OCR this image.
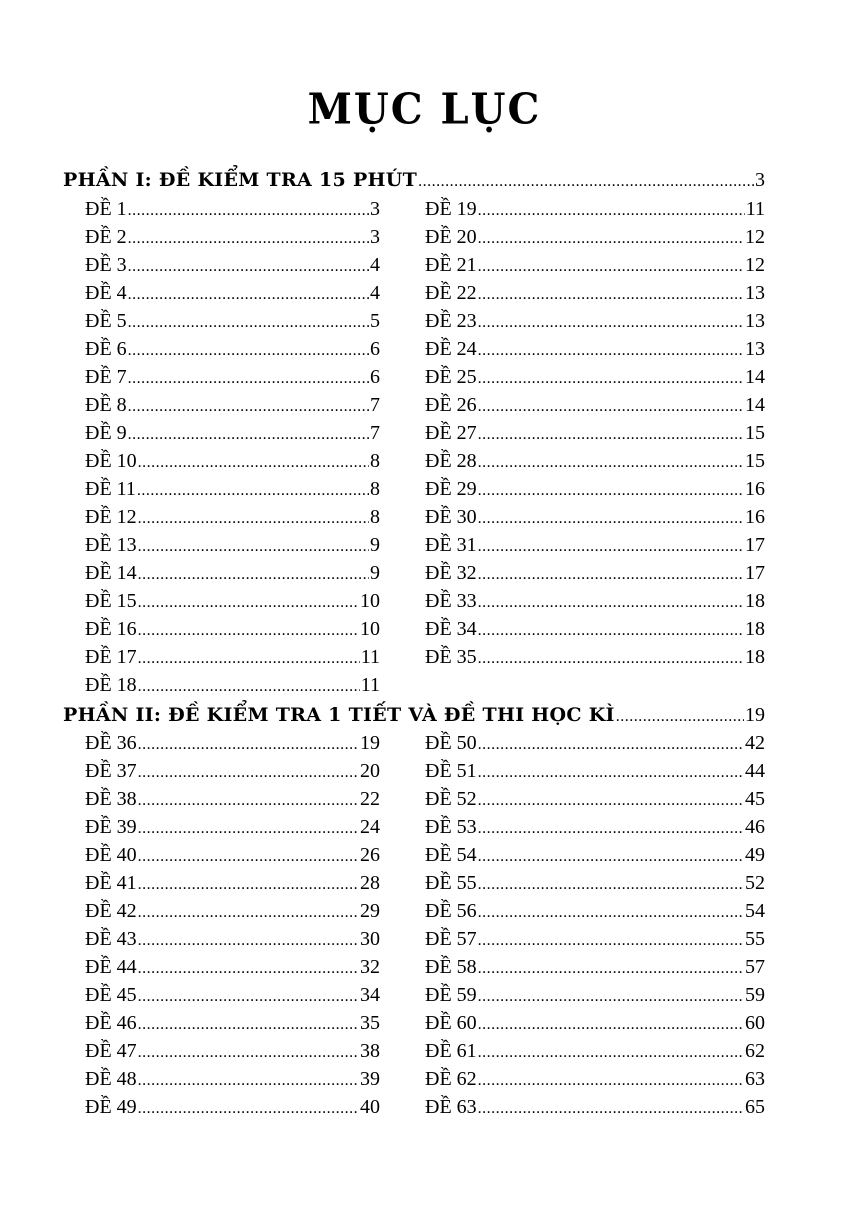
MỤC LỤC
PHẦN I: ĐỀ KIỂM TRA 15 PHÚT .....	3
ĐỀ 1 .....	3
ĐỀ 2 .....	3
ĐỀ 3 .....	4
ĐỀ 4 .....	4
ĐỀ 5 .....	5
ĐỀ 6 .....	6
ĐỀ 7 .....	6
ĐỀ 8 .....	7
ĐỀ 9 .....	7
ĐỀ 10 .....	8
ĐỀ 11 .....	8
ĐỀ 12 .....	8
ĐỀ 13 .....	9
ĐỀ 14 .....	9
ĐỀ 15 .....	10
ĐỀ 16 .....	10
ĐỀ 17 .....	11
ĐỀ 18 .....	11
ĐỀ 19 .....	11
ĐỀ 20 .....	12
ĐỀ 21 .....	12
ĐỀ 22 .....	13
ĐỀ 23 .....	13
ĐỀ 24 .....	13
ĐỀ 25 .....	14
ĐỀ 26 .....	14
ĐỀ 27 .....	15
ĐỀ 28 .....	15
ĐỀ 29 .....	16
ĐỀ 30 .....	16
ĐỀ 31 .....	17
ĐỀ 32 .....	17
ĐỀ 33 .....	18
ĐỀ 34 .....	18
ĐỀ 35 .....	18
PHẦN II: ĐỀ KIỂM TRA 1 TIẾT VÀ ĐỀ THI HỌC KÌ .....	19
ĐỀ 36 .....	19
ĐỀ 37 .....	20
ĐỀ 38 .....	22
ĐỀ 39 .....	24
ĐỀ 40 .....	26
ĐỀ 41 .....	28
ĐỀ 42 .....	29
ĐỀ 43 .....	30
ĐỀ 44 .....	32
ĐỀ 45 .....	34
ĐỀ 46 .....	35
ĐỀ 47 .....	38
ĐỀ 48 .....	39
ĐỀ 49 .....	40
ĐỀ 50 .....	42
ĐỀ 51 .....	44
ĐỀ 52 .....	45
ĐỀ 53 .....	46
ĐỀ 54 .....	49
ĐỀ 55 .....	52
ĐỀ 56 .....	54
ĐỀ 57 .....	55
ĐỀ 58 .....	57
ĐỀ 59 .....	59
ĐỀ 60 .....	60
ĐỀ 61 .....	62
ĐỀ 62 .....	63
ĐỀ 63 .....	65
